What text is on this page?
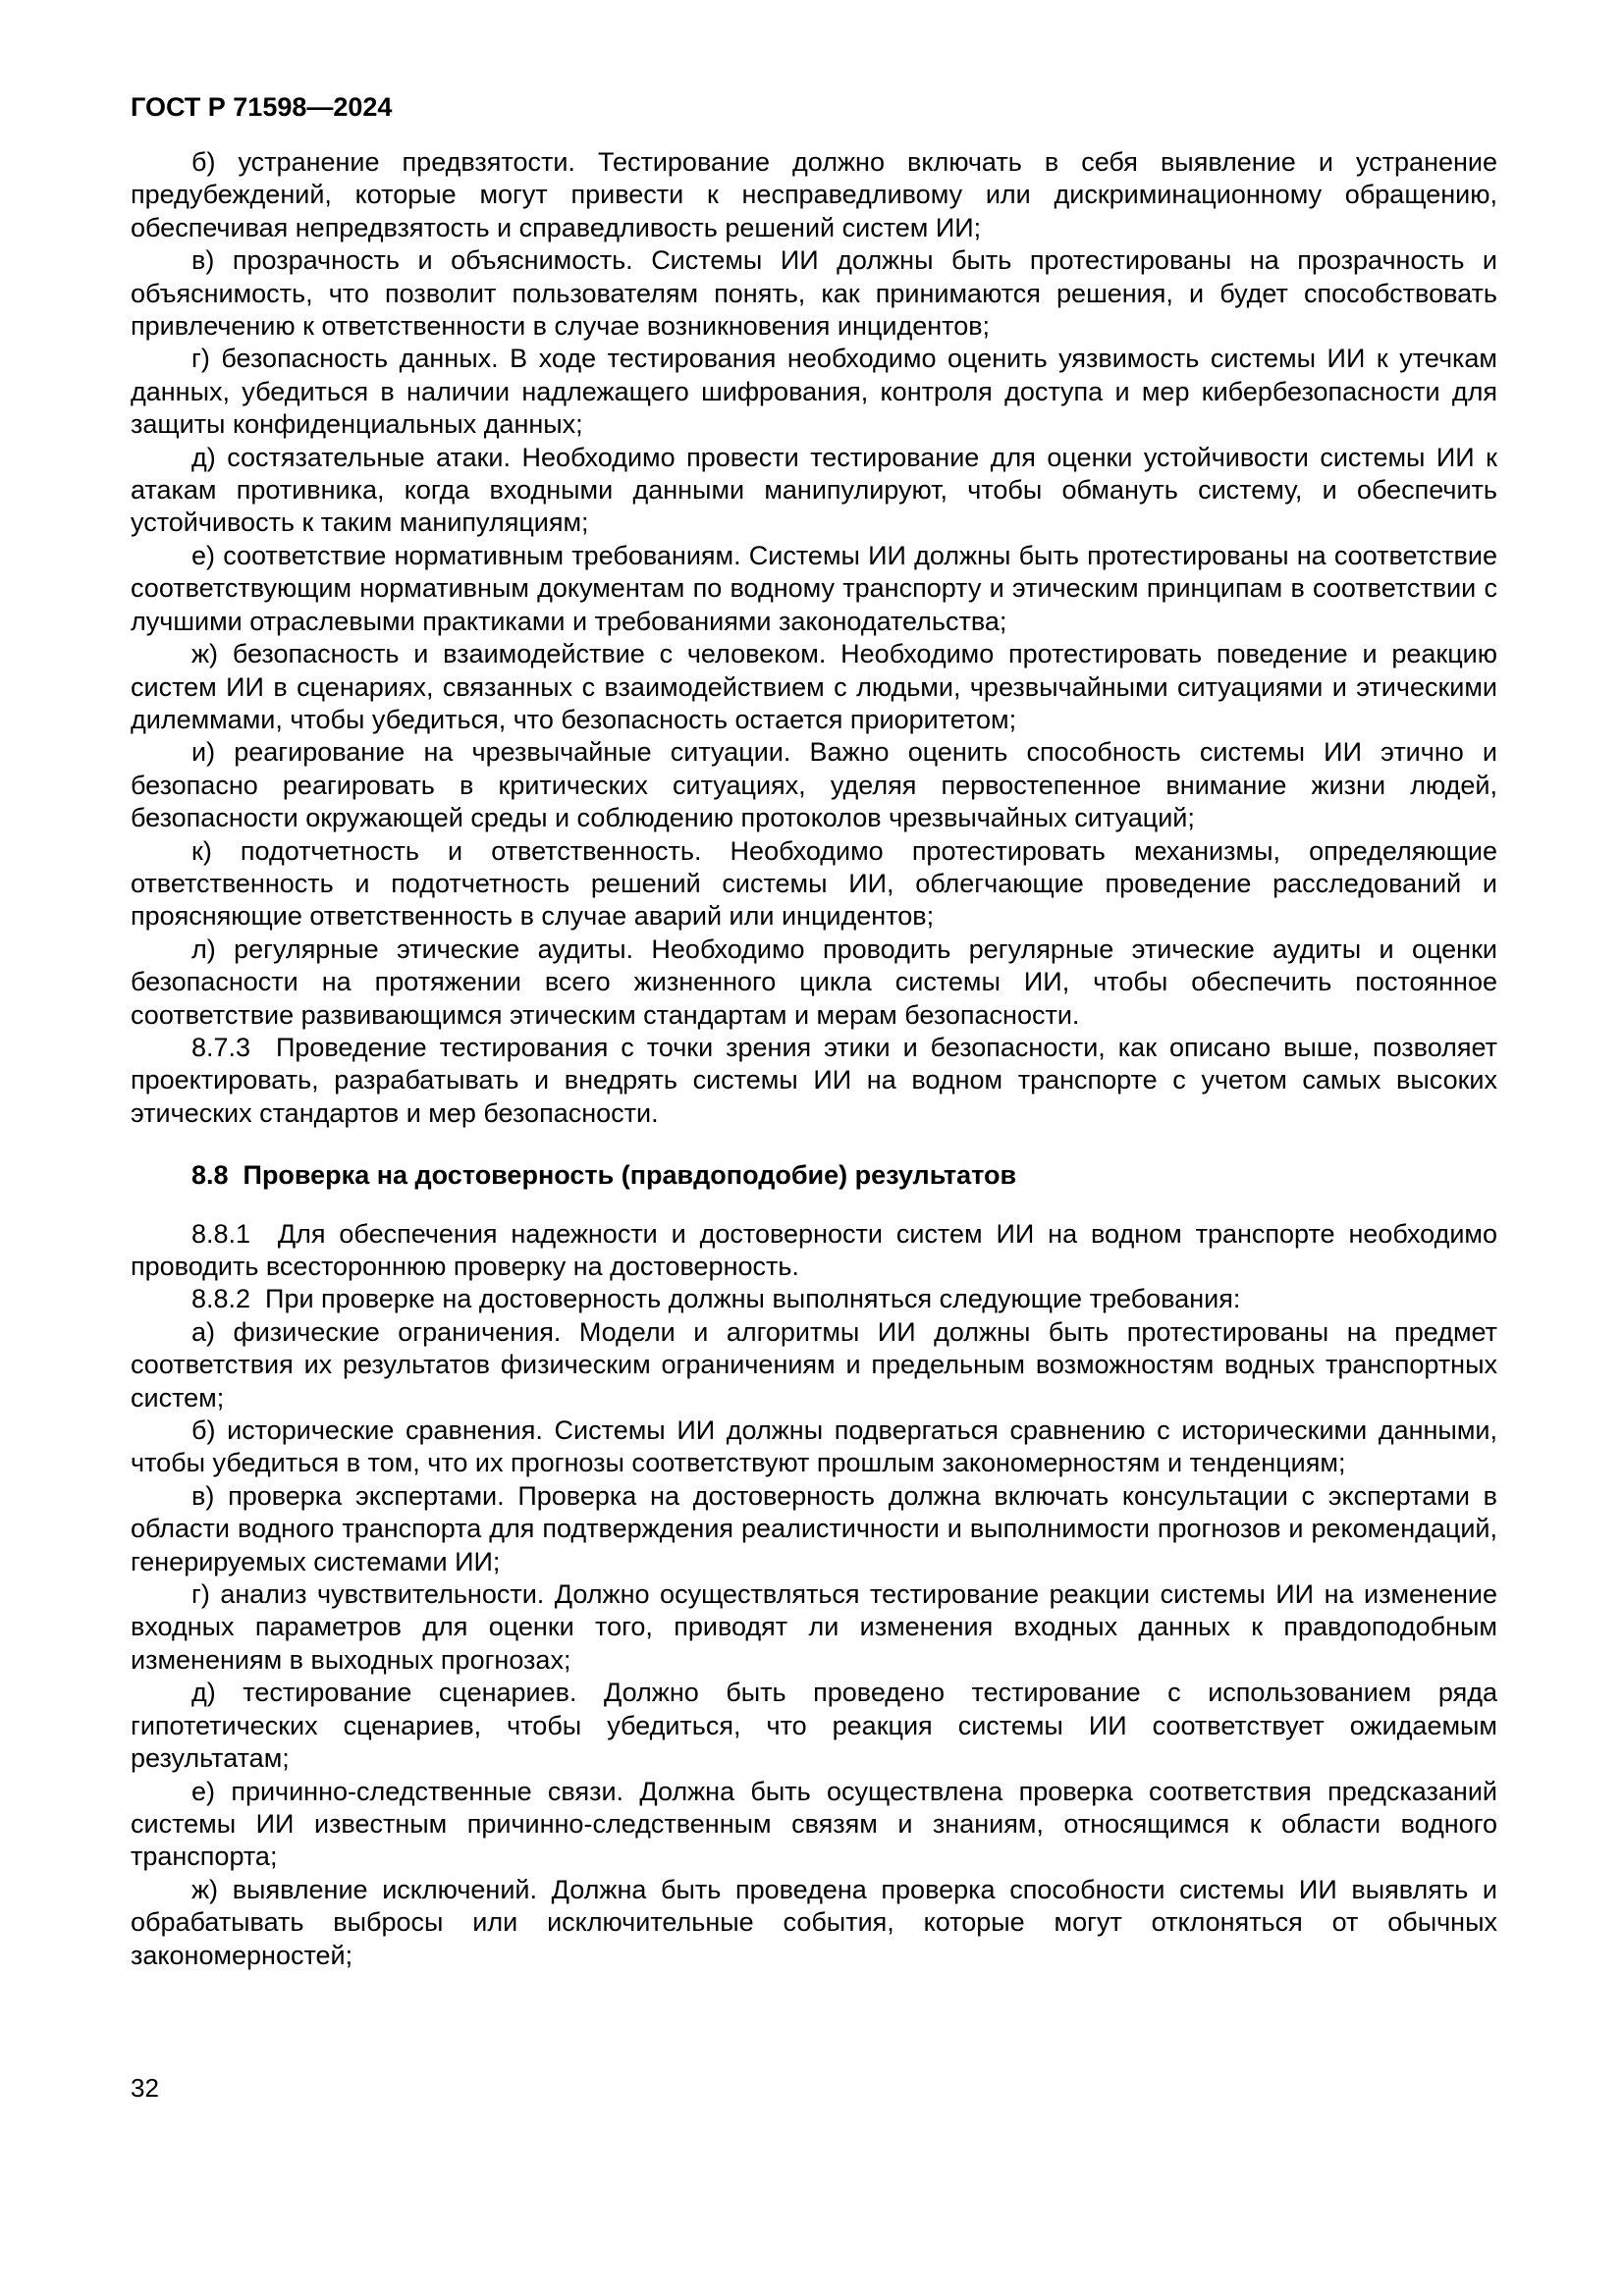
ГОСТ Р 71598—2024

б) устранение предвзятости. Тестирование должно включать в себя выявление и устранение предубеждений, которые могут привести к несправедливому или дискриминационному обращению, обеспечивая непредвзятость и справедливость решений систем ИИ;

в) прозрачность и объяснимость. Системы ИИ должны быть протестированы на прозрачность и объяснимость, что позволит пользователям понять, как принимаются решения, и будет способствовать привлечению к ответственности в случае возникновения инцидентов;

г) безопасность данных. В ходе тестирования необходимо оценить уязвимость системы ИИ к утечкам данных, убедиться в наличии надлежащего шифрования, контроля доступа и мер кибербезопасности для защиты конфиденциальных данных;

д) состязательные атаки. Необходимо провести тестирование для оценки устойчивости системы ИИ к атакам противника, когда входными данными манипулируют, чтобы обмануть систему, и обеспечить устойчивость к таким манипуляциям;

е) соответствие нормативным требованиям. Системы ИИ должны быть протестированы на соответствие соответствующим нормативным документам по водному транспорту и этическим принципам в соответствии с лучшими отраслевыми практиками и требованиями законодательства;

ж) безопасность и взаимодействие с человеком. Необходимо протестировать поведение и реакцию систем ИИ в сценариях, связанных с взаимодействием с людьми, чрезвычайными ситуациями и этическими дилеммами, чтобы убедиться, что безопасность остается приоритетом;

и) реагирование на чрезвычайные ситуации. Важно оценить способность системы ИИ этично и безопасно реагировать в критических ситуациях, уделяя первостепенное внимание жизни людей, безопасности окружающей среды и соблюдению протоколов чрезвычайных ситуаций;

к) подотчетность и ответственность. Необходимо протестировать механизмы, определяющие ответственность и подотчетность решений системы ИИ, облегчающие проведение расследований и проясняющие ответственность в случае аварий или инцидентов;

л) регулярные этические аудиты. Необходимо проводить регулярные этические аудиты и оценки безопасности на протяжении всего жизненного цикла системы ИИ, чтобы обеспечить постоянное соответствие развивающимся этическим стандартам и мерам безопасности.

8.7.3  Проведение тестирования с точки зрения этики и безопасности, как описано выше, позволяет проектировать, разрабатывать и внедрять системы ИИ на водном транспорте с учетом самых высоких этических стандартов и мер безопасности.

8.8  Проверка на достоверность (правдоподобие) результатов

8.8.1  Для обеспечения надежности и достоверности систем ИИ на водном транспорте необходимо проводить всестороннюю проверку на достоверность.

8.8.2  При проверке на достоверность должны выполняться следующие требования:

а) физические ограничения. Модели и алгоритмы ИИ должны быть протестированы на предмет соответствия их результатов физическим ограничениям и предельным возможностям водных транспортных систем;

б) исторические сравнения. Системы ИИ должны подвергаться сравнению с историческими данными, чтобы убедиться в том, что их прогнозы соответствуют прошлым закономерностям и тенденциям;

в) проверка экспертами. Проверка на достоверность должна включать консультации с экспертами в области водного транспорта для подтверждения реалистичности и выполнимости прогнозов и рекомендаций, генерируемых системами ИИ;

г) анализ чувствительности. Должно осуществляться тестирование реакции системы ИИ на изменение входных параметров для оценки того, приводят ли изменения входных данных к правдоподобным изменениям в выходных прогнозах;

д) тестирование сценариев. Должно быть проведено тестирование с использованием ряда гипотетических сценариев, чтобы убедиться, что реакция системы ИИ соответствует ожидаемым результатам;

е) причинно-следственные связи. Должна быть осуществлена проверка соответствия предсказаний системы ИИ известным причинно-следственным связям и знаниям, относящимся к области водного транспорта;

ж) выявление исключений. Должна быть проведена проверка способности системы ИИ выявлять и обрабатывать выбросы или исключительные события, которые могут отклоняться от обычных закономерностей;

32
